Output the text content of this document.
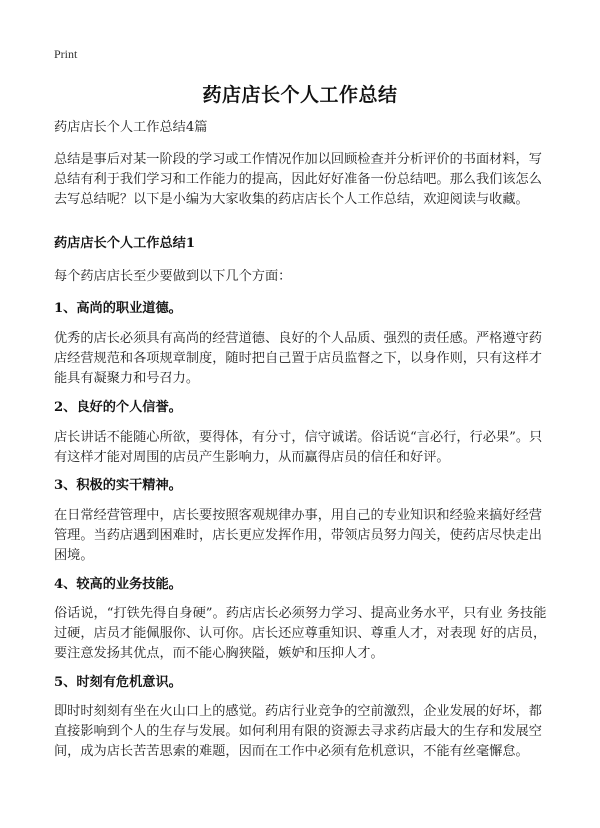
Print
药店店长个人工作总结
药店店长个人工作总结4篇
总结是事后对某一阶段的学习或工作情况作加以回顾检查并分析评价的书面材料，写总结有利于我们学习和工作能力的提高，因此好好准备一份总结吧。那么我们该怎么去写总结呢？以下是小编为大家收集的药店店长个人工作总结，欢迎阅读与收藏。
药店店长个人工作总结1
每个药店店长至少要做到以下几个方面：
1、高尚的职业道德。
优秀的店长必须具有高尚的经营道德、良好的个人品质、强烈的责任感。严格遵守药店经营规范和各项规章制度，随时把自己置于店员监督之下，以身作则，只有这样才能具有凝聚力和号召力。
2、良好的个人信誉。
店长讲话不能随心所欲，要得体，有分寸，信守诚诺。俗话说“言必行，行必果”。只有这样才能对周围的店员产生影响力，从而赢得店员的信任和好评。
3、积极的实干精神。
在日常经营管理中，店长要按照客观规律办事，用自己的专业知识和经验来搞好经营管理。当药店遇到困难时，店长更应发挥作用，带领店员努力闯关，使药店尽快走出困境。
4、较高的业务技能。
俗话说，“打铁先得自身硬”。药店店长必须努力学习、提高业务水平，只有业 务技能过硬，店员才能佩服你、认可你。店长还应尊重知识、尊重人才，对表现 好的店员，要注意发扬其优点，而不能心胸狭隘，嫉妒和压抑人才。
5、时刻有危机意识。
即时时刻刻有坐在火山口上的感觉。药店行业竞争的空前激烈，企业发展的好坏，都直接影响到个人的生存与发展。如何利用有限的资源去寻求药店最大的生存和发展空间，成为店长苦苦思索的难题，因而在工作中必须有危机意识，不能有丝毫懈怠。
